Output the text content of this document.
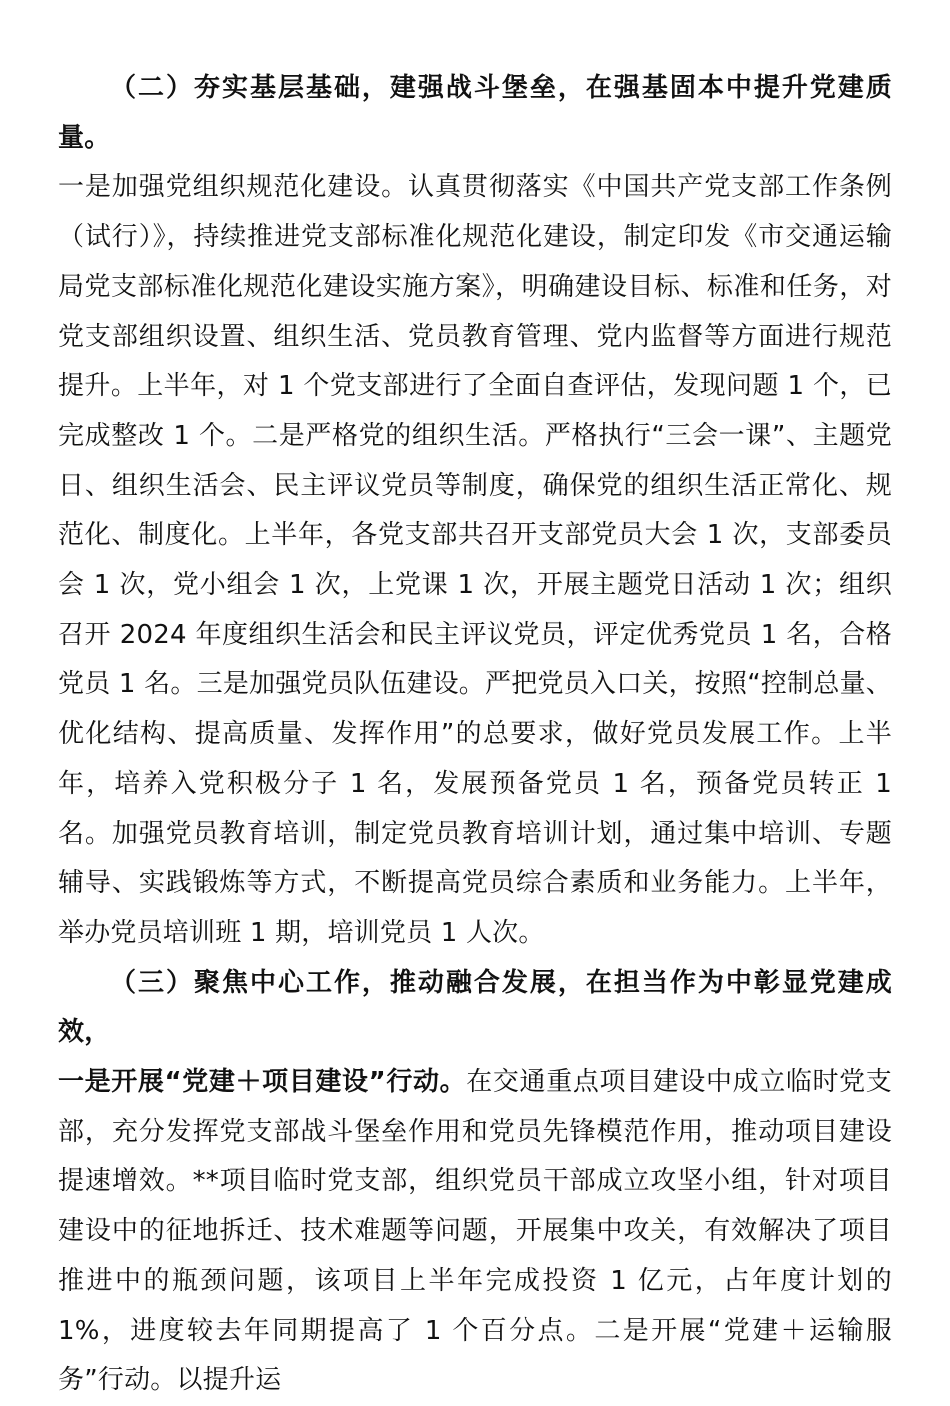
（二）夯实基层基础，建强战斗堡垒，在强基固本中提升党建质量。

一是加强党组织规范化建设。认真贯彻落实《中国共产党支部工作条例（试行）》，持续推进党支部标准化规范化建设，制定印发《市交通运输局党支部标准化规范化建设实施方案》，明确建设目标、标准和任务，对党支部组织设置、组织生活、党员教育管理、党内监督等方面进行规范提升。上半年，对 1 个党支部进行了全面自查评估，发现问题 1 个，已完成整改 1 个。二是严格党的组织生活。严格执行“三会一课”、主题党日、组织生活会、民主评议党员等制度，确保党的组织生活正常化、规范化、制度化。上半年，各党支部共召开支部党员大会 1 次，支部委员会 1 次，党小组会 1 次，上党课 1 次，开展主题党日活动 1 次；组织召开 2024 年度组织生活会和民主评议党员，评定优秀党员 1 名，合格党员 1 名。三是加强党员队伍建设。严把党员入口关，按照“控制总量、优化结构、提高质量、发挥作用”的总要求，做好党员发展工作。上半年，培养入党积极分子 1 名，发展预备党员 1 名，预备党员转正 1 名。加强党员教育培训，制定党员教育培训计划，通过集中培训、专题辅导、实践锻炼等方式，不断提高党员综合素质和业务能力。上半年，举办党员培训班 1 期，培训党员 1 人次。

（三）聚焦中心工作，推动融合发展，在担当作为中彰显党建成效，

一是开展“党建＋项目建设”行动。在交通重点项目建设中成立临时党支部，充分发挥党支部战斗堡垒作用和党员先锋模范作用，推动项目建设提速增效。**项目临时党支部，组织党员干部成立攻坚小组，针对项目建设中的征地拆迁、技术难题等问题，开展集中攻关，有效解决了项目推进中的瓶颈问题，该项目上半年完成投资 1 亿元，占年度计划的 1%，进度较去年同期提高了 1 个百分点。二是开展“党建＋运输服务”行动。以提升运
